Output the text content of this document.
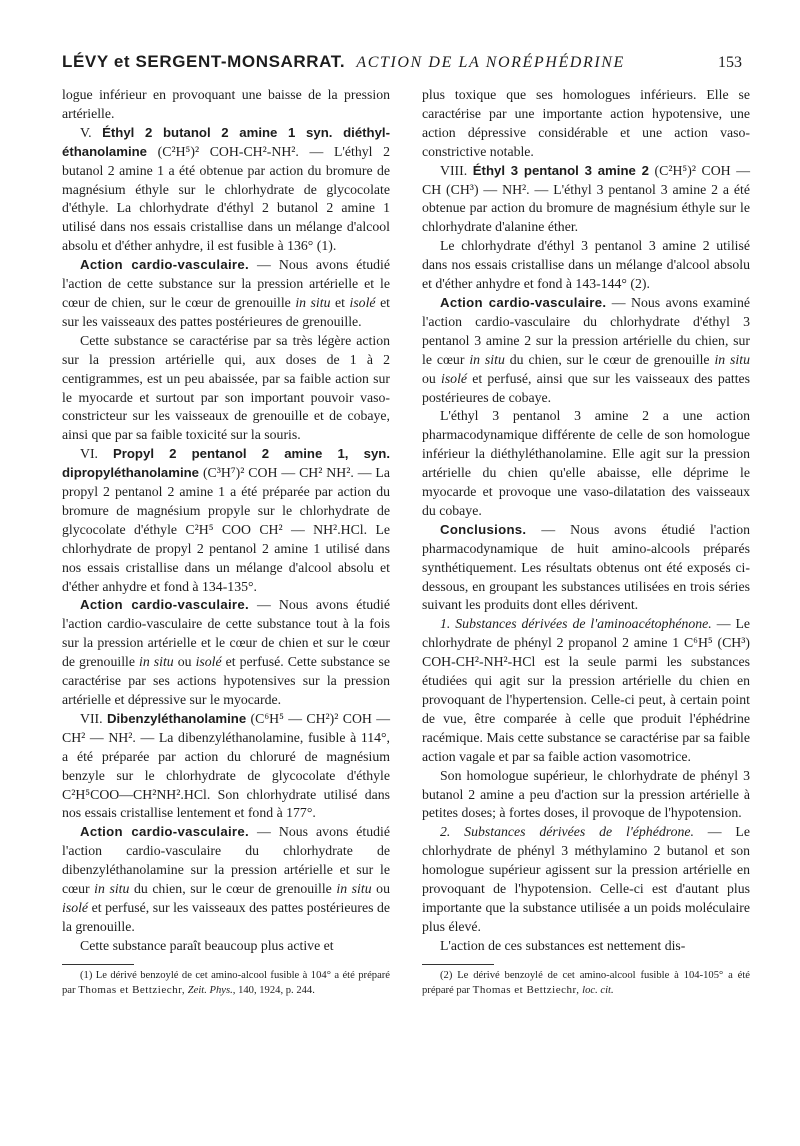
LÉVY et SERGENT-MONSARRAT. ACTION DE LA NORÉPHÉDRINE	153

logue inférieur en provoquant une baisse de la pression artérielle.

V. Éthyl 2 butanol 2 amine 1 syn. diéthyl-éthanolamine (C²H⁵)² COH-CH²-NH². — L'éthyl 2 butanol 2 amine 1 a été obtenue par action du bromure de magnésium éthyle sur le chlorhydrate de glycocolate d'éthyle. La chlorhydrate d'éthyl 2 butanol 2 amine 1 utilisé dans nos essais cristallise dans un mélange d'alcool absolu et d'éther anhydre, il est fusible à 136° (1).

Action cardio-vasculaire. — Nous avons étudié l'action de cette substance sur la pression artérielle et le cœur de chien, sur le cœur de grenouille in situ et isolé et sur les vaisseaux des pattes postérieures de grenouille.

Cette substance se caractérise par sa très légère action sur la pression artérielle qui, aux doses de 1 à 2 centigrammes, est un peu abaissée, par sa faible action sur le myocarde et surtout par son important pouvoir vaso-constricteur sur les vaisseaux de grenouille et de cobaye, ainsi que par sa faible toxicité sur la souris.

VI. Propyl 2 pentanol 2 amine 1, syn. dipropyléthanolamine (C³H⁷)² COH — CH² NH². — La propyl 2 pentanol 2 amine 1 a été préparée par action du bromure de magnésium propyle sur le chlorhydrate de glycocolate d'éthyle C²H⁵ COO CH² — NH².HCl. Le chlorhydrate de propyl 2 pentanol 2 amine 1 utilisé dans nos essais cristallise dans un mélange d'alcool absolu et d'éther anhydre et fond à 134-135°.

Action cardio-vasculaire. — Nous avons étudié l'action cardio-vasculaire de cette substance tout à la fois sur la pression artérielle et le cœur de chien et sur le cœur de grenouille in situ ou isolé et perfusé. Cette substance se caractérise par ses actions hypotensives sur la pression artérielle et dépressive sur le myocarde.

VII. Dibenzyléthanolamine (C⁶H⁵ — CH²)² COH — CH² — NH². — La dibenzyléthanolamine, fusible à 114°, a été préparée par action du chloruré de magnésium benzyle sur le chlorhydrate de glycocolate d'éthyle C²H⁵COO—CH²NH².HCl. Son chlorhydrate utilisé dans nos essais cristallise lentement et fond à 177°.

Action cardio-vasculaire. — Nous avons étudié l'action cardio-vasculaire du chlorhydrate de dibenzyléthanolamine sur la pression artérielle et sur le cœur in situ du chien, sur le cœur de grenouille in situ ou isolé et perfusé, sur les vaisseaux des pattes postérieures de la grenouille.

Cette substance paraît beaucoup plus active et

(1) Le dérivé benzoylé de cet amino-alcool fusible à 104° a été préparé par Thomas et Bettziechr, Zeit. Phys., 140, 1924, p. 244.

plus toxique que ses homologues inférieurs. Elle se caractérise par une importante action hypotensive, une action dépressive considérable et une action vaso-constrictive notable.

VIII. Éthyl 3 pentanol 3 amine 2 (C²H⁵)² COH — CH (CH³) — NH². — L'éthyl 3 pentanol 3 amine 2 a été obtenue par action du bromure de magnésium éthyle sur le chlorhydrate d'alanine éther.

Le chlorhydrate d'éthyl 3 pentanol 3 amine 2 utilisé dans nos essais cristallise dans un mélange d'alcool absolu et d'éther anhydre et fond à 143-144° (2).

Action cardio-vasculaire. — Nous avons examiné l'action cardio-vasculaire du chlorhydrate d'éthyl 3 pentanol 3 amine 2 sur la pression artérielle du chien, sur le cœur in situ du chien, sur le cœur de grenouille in situ ou isolé et perfusé, ainsi que sur les vaisseaux des pattes postérieures de cobaye.

L'éthyl 3 pentanol 3 amine 2 a une action pharmacodynamique différente de celle de son homologue inférieur la diéthyléthanolamine. Elle agit sur la pression artérielle du chien qu'elle abaisse, elle déprime le myocarde et provoque une vaso-dilatation des vaisseaux du cobaye.

Conclusions. — Nous avons étudié l'action pharmacodynamique de huit amino-alcools préparés synthétiquement. Les résultats obtenus ont été exposés ci-dessous, en groupant les substances utilisées en trois séries suivant les produits dont elles dérivent.

1. Substances dérivées de l'aminoacétophénone. — Le chlorhydrate de phényl 2 propanol 2 amine 1 C⁶H⁵ (CH³) COH-CH²-NH²-HCl est la seule parmi les substances étudiées qui agit sur la pression artérielle du chien en provoquant de l'hypertension. Celle-ci peut, à certain point de vue, être comparée à celle que produit l'éphédrine racémique. Mais cette substance se caractérise par sa faible action vagale et par sa faible action vasomotrice.

Son homologue supérieur, le chlorhydrate de phényl 3 butanol 2 amine a peu d'action sur la pression artérielle à petites doses; à fortes doses, il provoque de l'hypotension.

2. Substances dérivées de l'éphédrone. — Le chlorhydrate de phényl 3 méthylamino 2 butanol et son homologue supérieur agissent sur la pression artérielle en provoquant de l'hypotension. Celle-ci est d'autant plus importante que la substance utilisée a un poids moléculaire plus élevé.

L'action de ces substances est nettement dis-

(2) Le dérivé benzoylé de cet amino-alcool fusible à 104-105° a été préparé par Thomas et Bettziechr, loc. cit.
